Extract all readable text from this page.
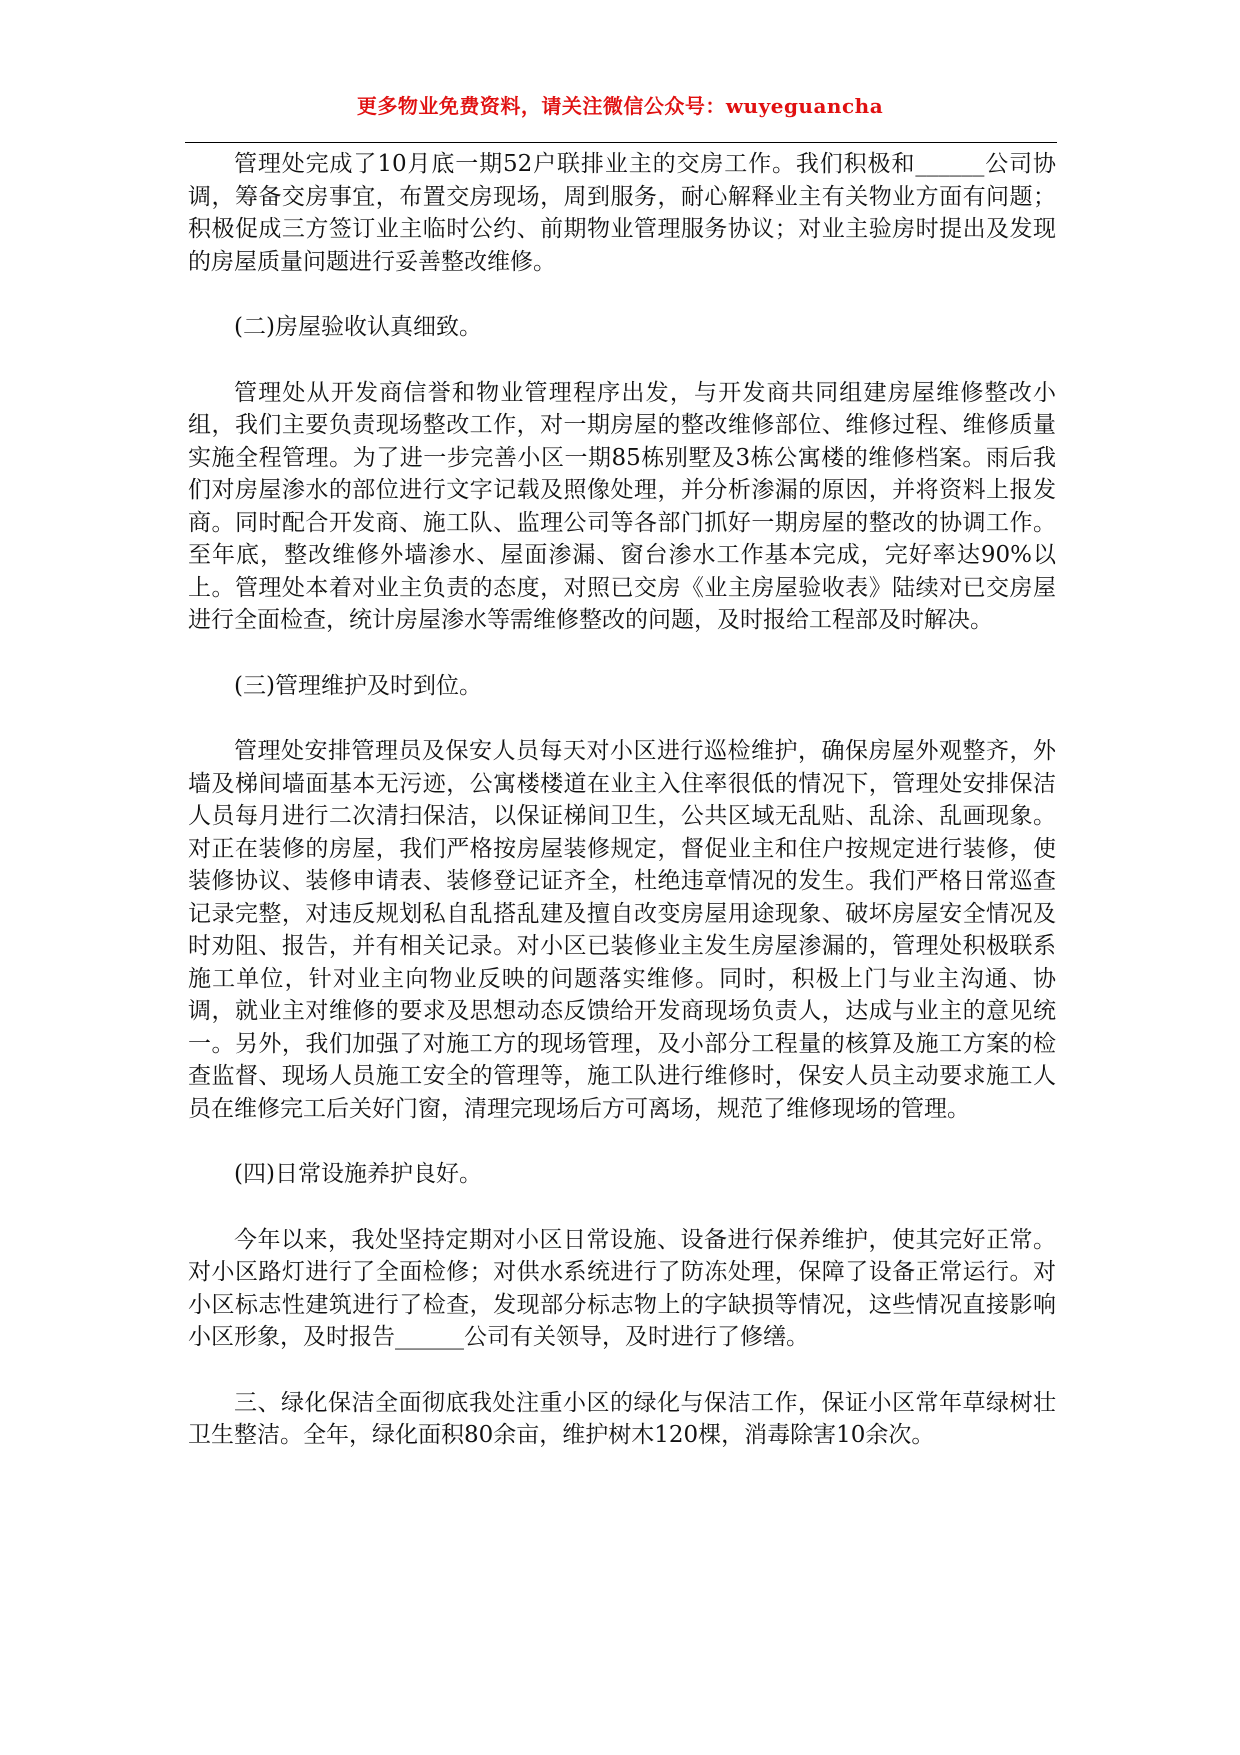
更多物业免费资料，请关注微信公众号：wuyeguancha

管理处完成了10月底一期52户联排业主的交房工作。我们积极和______公司协调，筹备交房事宜，布置交房现场，周到服务，耐心解释业主有关物业方面有问题；积极促成三方签订业主临时公约、前期物业管理服务协议；对业主验房时提出及发现的房屋质量问题进行妥善整改维修。

(二)房屋验收认真细致。

管理处从开发商信誉和物业管理程序出发，与开发商共同组建房屋维修整改小组，我们主要负责现场整改工作，对一期房屋的整改维修部位、维修过程、维修质量实施全程管理。为了进一步完善小区一期85栋别墅及3栋公寓楼的维修档案。雨后我们对房屋渗水的部位进行文字记载及照像处理，并分析渗漏的原因，并将资料上报发商。同时配合开发商、施工队、监理公司等各部门抓好一期房屋的整改的协调工作。至年底，整改维修外墙渗水、屋面渗漏、窗台渗水工作基本完成，完好率达90%以上。管理处本着对业主负责的态度，对照已交房《业主房屋验收表》陆续对已交房屋进行全面检查，统计房屋渗水等需维修整改的问题，及时报给工程部及时解决。

(三)管理维护及时到位。

管理处安排管理员及保安人员每天对小区进行巡检维护，确保房屋外观整齐，外墙及梯间墙面基本无污迹，公寓楼楼道在业主入住率很低的情况下，管理处安排保洁人员每月进行二次清扫保洁，以保证梯间卫生，公共区域无乱贴、乱涂、乱画现象。对正在装修的房屋，我们严格按房屋装修规定，督促业主和住户按规定进行装修，使装修协议、装修申请表、装修登记证齐全，杜绝违章情况的发生。我们严格日常巡查记录完整，对违反规划私自乱搭乱建及擅自改变房屋用途现象、破坏房屋安全情况及时劝阻、报告，并有相关记录。对小区已装修业主发生房屋渗漏的，管理处积极联系施工单位，针对业主向物业反映的问题落实维修。同时，积极上门与业主沟通、协调，就业主对维修的要求及思想动态反馈给开发商现场负责人，达成与业主的意见统一。另外，我们加强了对施工方的现场管理，及小部分工程量的核算及施工方案的检查监督、现场人员施工安全的管理等，施工队进行维修时，保安人员主动要求施工人员在维修完工后关好门窗，清理完现场后方可离场，规范了维修现场的管理。

(四)日常设施养护良好。

今年以来，我处坚持定期对小区日常设施、设备进行保养维护，使其完好正常。对小区路灯进行了全面检修；对供水系统进行了防冻处理，保障了设备正常运行。对小区标志性建筑进行了检查，发现部分标志物上的字缺损等情况，这些情况直接影响小区形象，及时报告______公司有关领导，及时进行了修缮。

三、绿化保洁全面彻底我处注重小区的绿化与保洁工作，保证小区常年草绿树壮卫生整洁。全年，绿化面积80余亩，维护树木120棵，消毒除害10余次。
